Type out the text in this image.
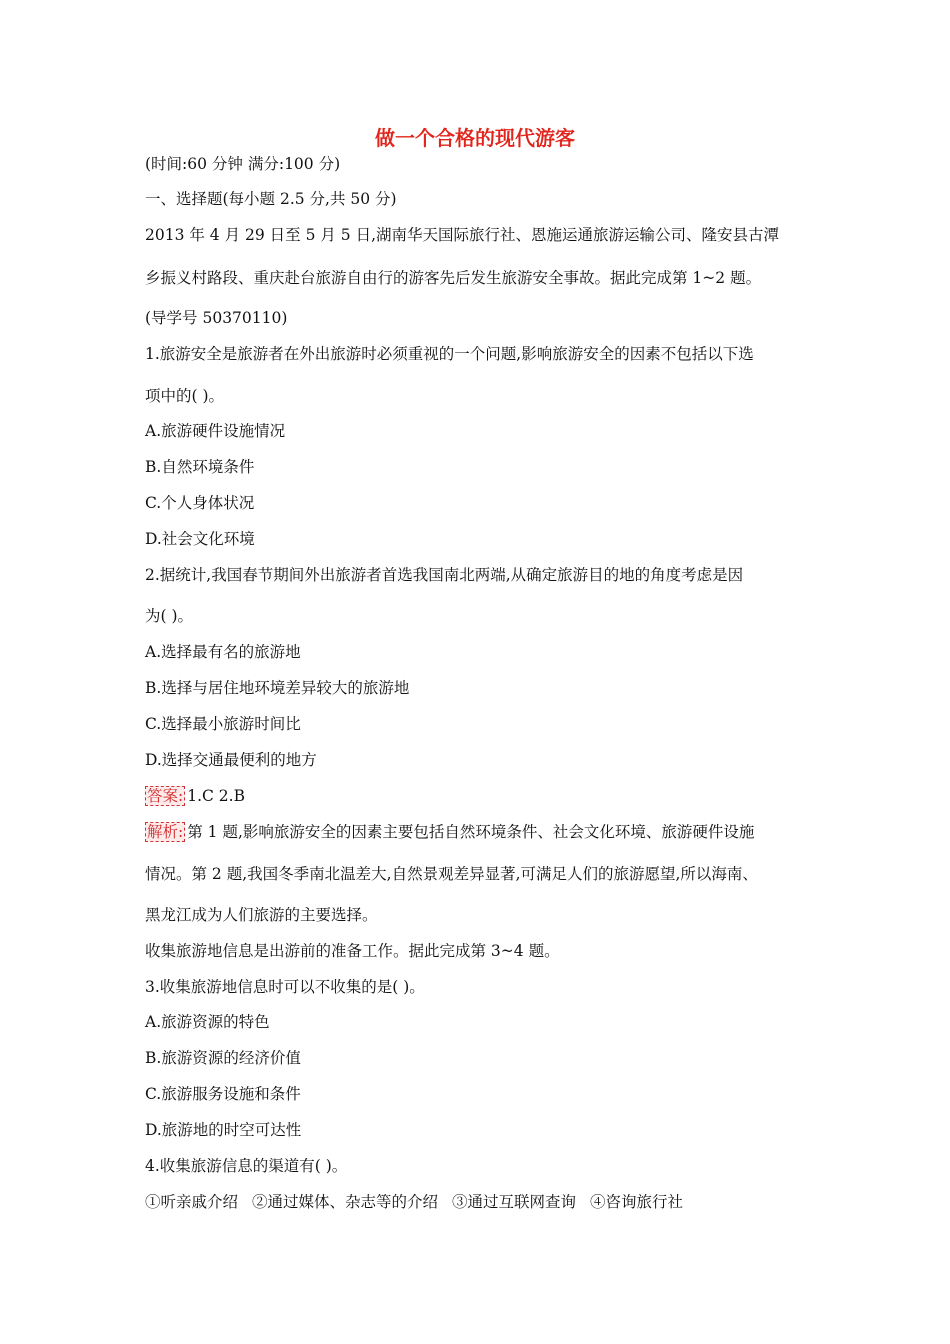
做一个合格的现代游客
(时间:60 分钟 满分:100 分)
一、选择题(每小题 2.5 分,共 50 分)
2013 年 4 月 29 日至 5 月 5 日,湖南华天国际旅行社、恩施运通旅游运输公司、隆安县古潭
乡振义村路段、重庆赴台旅游自由行的游客先后发生旅游安全事故。据此完成第 1~2 题。
(导学号 50370110)
1.旅游安全是旅游者在外出旅游时必须重视的一个问题,影响旅游安全的因素不包括以下选
项中的( )。
A.旅游硬件设施情况
B.自然环境条件
C.个人身体状况
D.社会文化环境
2.据统计,我国春节期间外出旅游者首选我国南北两端,从确定旅游目的地的角度考虑是因
为( )。
A.选择最有名的旅游地
B.选择与居住地环境差异较大的旅游地
C.选择最小旅游时间比
D.选择交通最便利的地方
答案: 1.C 2.B
解析: 第 1 题,影响旅游安全的因素主要包括自然环境条件、社会文化环境、旅游硬件设施
情况。第 2 题,我国冬季南北温差大,自然景观差异显著,可满足人们的旅游愿望,所以海南、
黑龙江成为人们旅游的主要选择。
收集旅游地信息是出游前的准备工作。据此完成第 3~4 题。
3.收集旅游地信息时可以不收集的是( )。
A.旅游资源的特色
B.旅游资源的经济价值
C.旅游服务设施和条件
D.旅游地的时空可达性
4.收集旅游信息的渠道有( )。
①听亲戚介绍 ②通过媒体、杂志等的介绍 ③通过互联网查询 ④咨询旅行社
